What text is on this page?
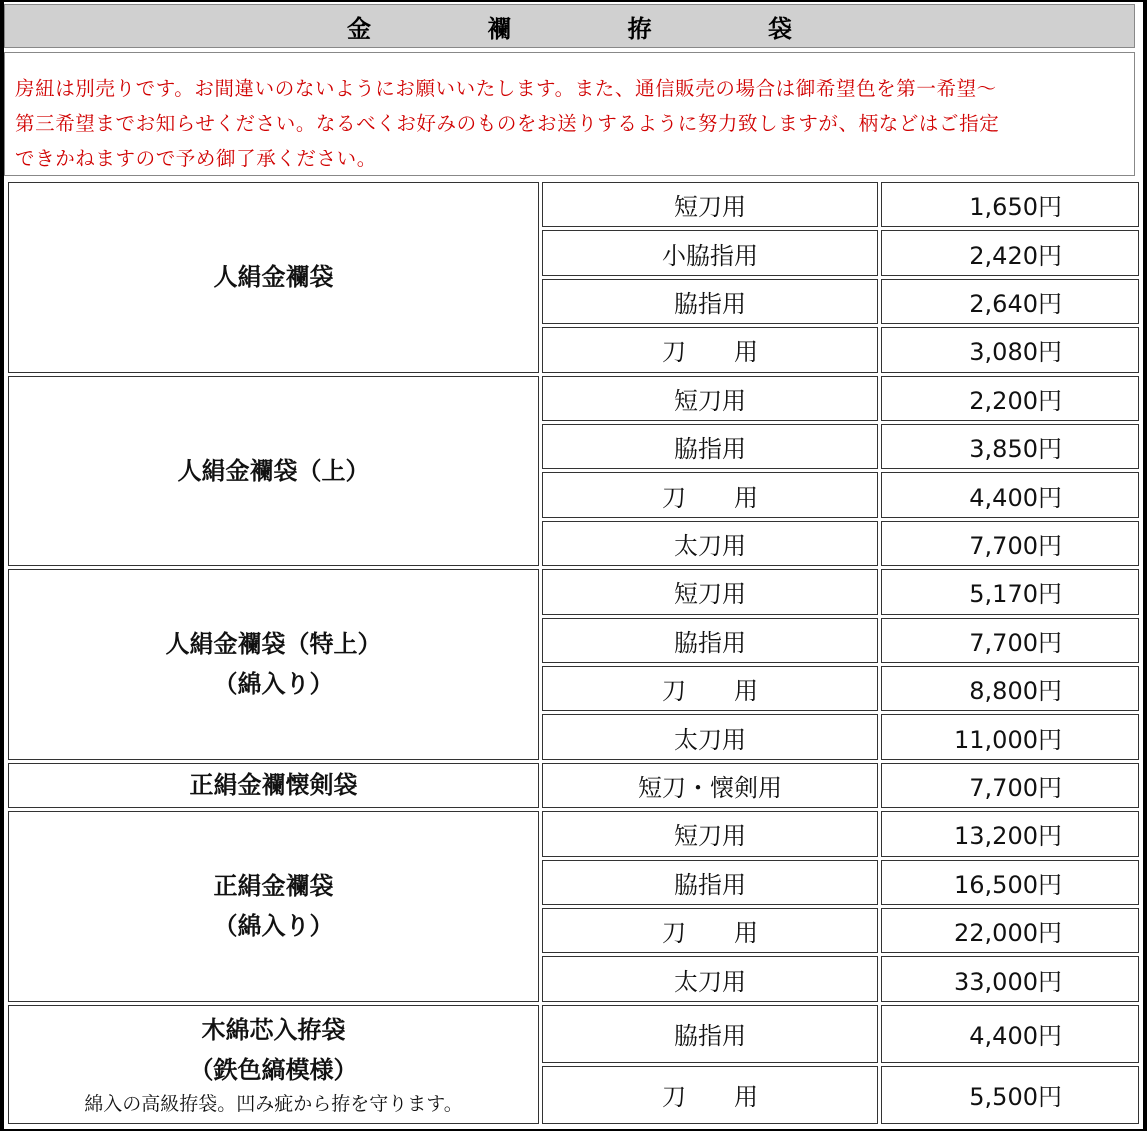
金 襴 拵 袋
房紐は別売りです。お間違いのないようにお願いいたします。また、通信販売の場合は御希望色を第一希望～
第三希望までお知らせください。なるべくお好みのものをお送りするように努力致しますが、柄などはご指定
できかねますので予め御了承ください。
人絹金襴袋
短刀用	1,650円
小脇指用	2,420円
脇指用	2,640円
刀　　用	3,080円
人絹金襴袋（上）
短刀用	2,200円
脇指用	3,850円
刀　　用	4,400円
太刀用	7,700円
人絹金襴袋（特上）
（綿入り）
短刀用	5,170円
脇指用	7,700円
刀　　用	8,800円
太刀用	11,000円
正絹金襴懐剣袋	短刀・懐剣用	7,700円
正絹金襴袋
（綿入り）
短刀用	13,200円
脇指用	16,500円
刀　　用	22,000円
太刀用	33,000円
木綿芯入拵袋
（鉄色縞模様）
綿入の高級拵袋。凹み疵から拵を守ります。
脇指用	4,400円
刀　　用	5,500円
